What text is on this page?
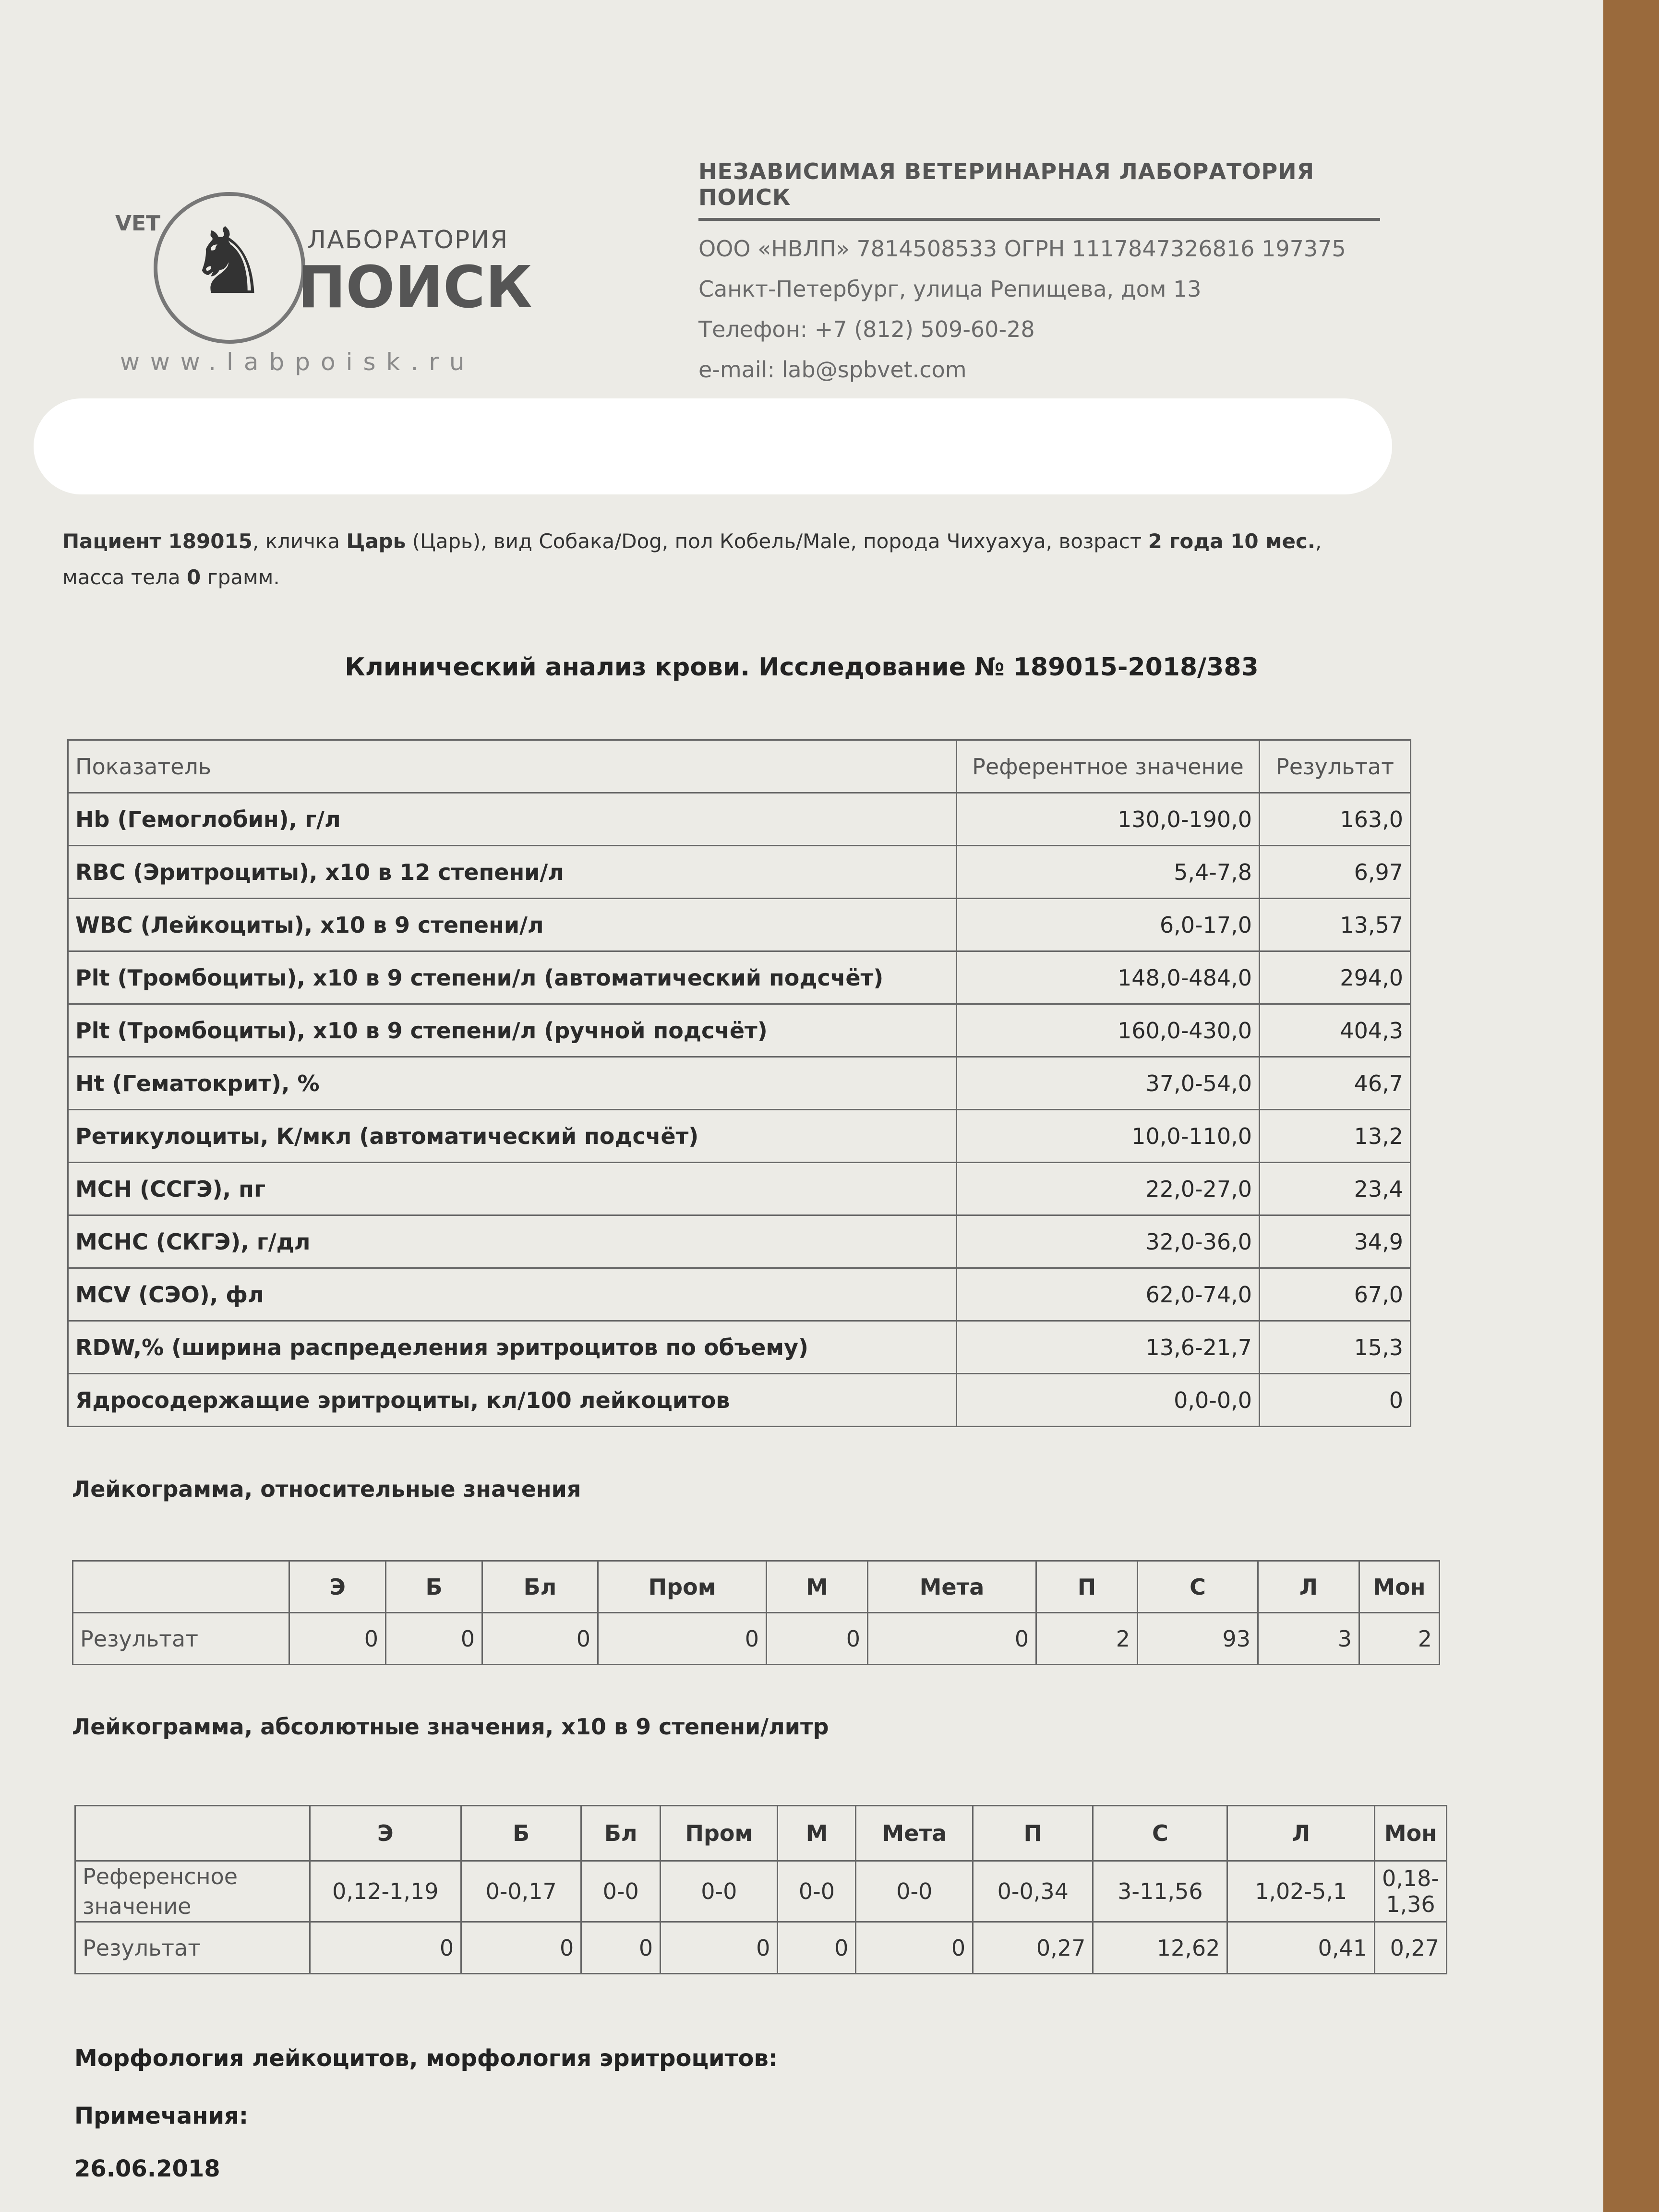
VET ♞ ЛАБОРАТОРИЯ
ПОИСК
www.labpoisk.ru
НЕЗАВИСИМАЯ ВЕТЕРИНАРНАЯ ЛАБОРАТОРИЯ ПОИСК
ООО «НВЛП» 7814508533 ОГРН 1117847326816 197375
Санкт-Петербург, улица Репищева, дом 13
Телефон: +7 (812) 509-60-28
e-mail: lab@spbvet.com
Пациент 189015, кличка Царь (Царь), вид Собака/Dog, пол Кобель/Male, порода Чихуахуа, возраст 2 года 10 мес., масса тела 0 грамм.
Клинический анализ крови. Исследование № 189015-2018/383
Показатель	Референтное значение	Результат
Hb (Гемоглобин), г/л	130,0-190,0	163,0
RBC (Эритроциты), х10 в 12 степени/л	5,4-7,8	6,97
WBC (Лейкоциты), х10 в 9 степени/л	6,0-17,0	13,57
Plt (Тромбоциты), х10 в 9 степени/л (автоматический подсчёт)	148,0-484,0	294,0
Plt (Тромбоциты), х10 в 9 степени/л (ручной подсчёт)	160,0-430,0	404,3
Ht (Гематокрит), %	37,0-54,0	46,7
Ретикулоциты, К/мкл (автоматический подсчёт)	10,0-110,0	13,2
MCH (ССГЭ), пг	22,0-27,0	23,4
MCHC (СКГЭ), г/дл	32,0-36,0	34,9
MCV (СЭО), фл	62,0-74,0	67,0
RDW,% (ширина распределения эритроцитов по объему)	13,6-21,7	15,3
Ядросодержащие эритроциты, кл/100 лейкоцитов	0,0-0,0	0
Лейкограмма, относительные значения
	Э	Б	Бл	Пром	М	Мета	П	С	Л	Мон
Результат	0	0	0	0	0	0	2	93	3	2
Лейкограмма, абсолютные значения, х10 в 9 степени/литр
	Э	Б	Бл	Пром	М	Мета	П	С	Л	Мон
Референсное значение	0,12-1,19	0-0,17	0-0	0-0	0-0	0-0	0-0,34	3-11,56	1,02-5,1	0,18-1,36
Результат	0	0	0	0	0	0	0,27	12,62	0,41	0,27
Морфология лейкоцитов, морфология эритроцитов:
Примечания:
26.06.2018
